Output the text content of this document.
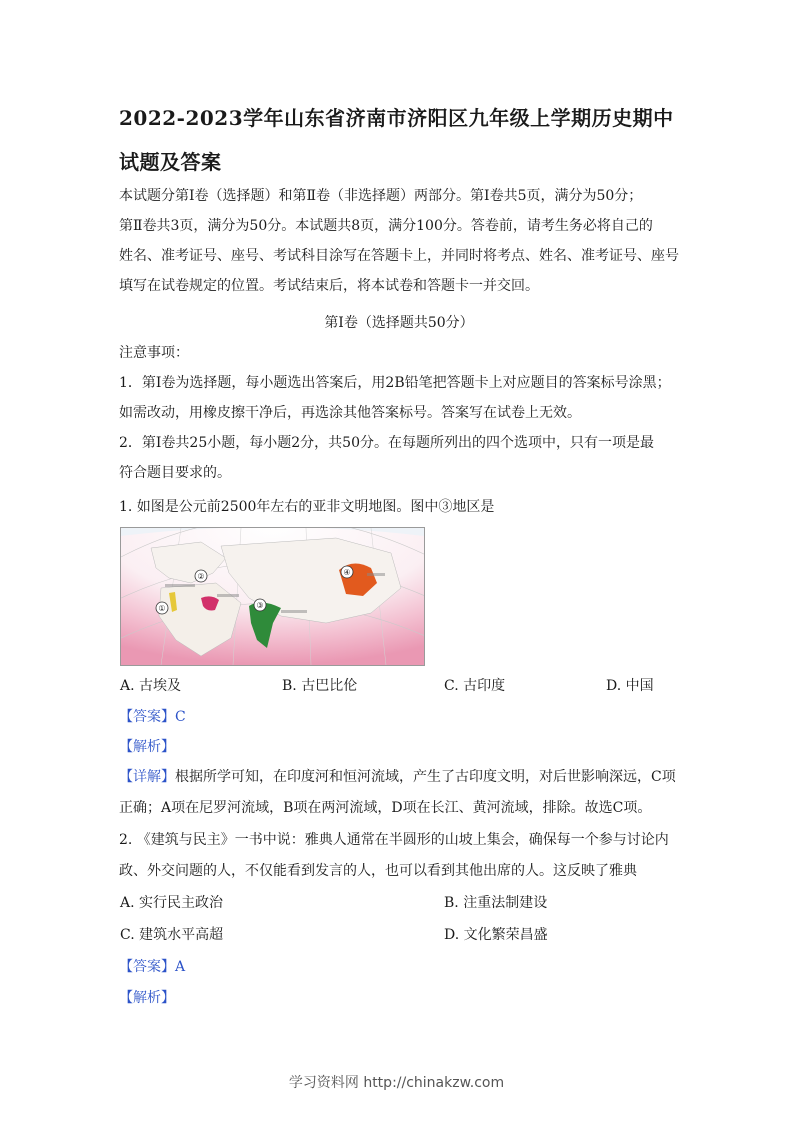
2022-2023学年山东省济南市济阳区九年级上学期历史期中
试题及答案
本试题分第Ⅰ卷（选择题）和第Ⅱ卷（非选择题）两部分。第Ⅰ卷共5页，满分为50分；
第Ⅱ卷共3页，满分为50分。本试题共8页，满分100分。答卷前，请考生务必将自己的
姓名、准考证号、座号、考试科目涂写在答题卡上，并同时将考点、姓名、准考证号、座号
填写在试卷规定的位置。考试结束后，将本试卷和答题卡一并交回。
第Ⅰ卷（选择题共50分）
注意事项：
1．第Ⅰ卷为选择题，每小题选出答案后，用2B铅笔把答题卡上对应题目的答案标号涂黑；
如需改动，用橡皮擦干净后，再选涂其他答案标号。答案写在试卷上无效。
2．第Ⅰ卷共25小题，每小题2分，共50分。在每题所列出的四个选项中，只有一项是最
符合题目要求的。
1. 如图是公元前2500年左右的亚非文明地图。图中③地区是
①
②
③
④
A. 古埃及	B. 古巴比伦	C. 古印度	D. 中国
【答案】C
【解析】
【详解】根据所学可知，在印度河和恒河流域，产生了古印度文明，对后世影响深远，C项
正确；A项在尼罗河流域，B项在两河流域，D项在长江、黄河流域，排除。故选C项。
2. 《建筑与民主》一书中说：雅典人通常在半圆形的山坡上集会，确保每一个参与讨论内
政、外交问题的人，不仅能看到发言的人，也可以看到其他出席的人。这反映了雅典
A. 实行民主政治	B. 注重法制建设
C. 建筑水平高超	D. 文化繁荣昌盛
【答案】A
【解析】
学习资料网 http://chinakzw.com
